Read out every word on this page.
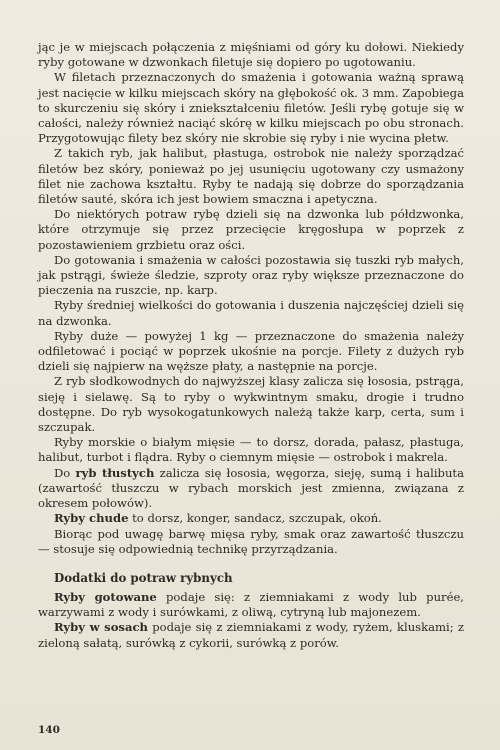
jąc je w miejscach połączenia z mięśniami od góry ku dołowi. Niekiedy ryby gotowane w dzwonkach filetuje się dopiero po ugotowaniu.

W filetach przeznaczonych do smażenia i gotowania ważną sprawą jest nacięcie w kilku miejscach skóry na głębokość ok. 3 mm. Zapobiega to skurczeniu się skóry i zniekształceniu filetów. Jeśli rybę gotuje się w całości, należy również naciąć skórę w kilku miejscach po obu stronach. Przygotowując filety bez skóry nie skrobie się ryby i nie wycina płetw.

Z takich ryb, jak halibut, płastuga, ostrobok nie należy sporządzać filetów bez skóry, ponieważ po jej usunięciu ugotowany czy usmażony filet nie zachowa kształtu. Ryby te nadają się dobrze do sporządzania filetów sauté, skóra ich jest bowiem smaczna i apetyczna.

Do niektórych potraw rybę dzieli się na dzwonka lub półdzwonka, które otrzymuje się przez przecięcie kręgosłupa w poprzek z pozostawieniem grzbietu oraz ości.

Do gotowania i smażenia w całości pozostawia się tuszki ryb małych, jak pstrągi, świeże śledzie, szproty oraz ryby większe przeznaczone do pieczenia na ruszcie, np. karp.

Ryby średniej wielkości do gotowania i duszenia najczęściej dzieli się na dzwonka.

Ryby duże — powyżej 1 kg — przeznaczone do smażenia należy odfiletować i pociąć w poprzek ukośnie na porcje. Filety z dużych ryb dzieli się najpierw na węższe płaty, a następnie na porcje.

Z ryb słodkowodnych do najwyższej klasy zalicza się łososia, pstrąga, sieję i sielawę. Są to ryby o wykwintnym smaku, drogie i trudno dostępne. Do ryb wysokogatunkowych należą także karp, certa, sum i szczupak.

Ryby morskie o białym mięsie — to dorsz, dorada, pałasz, płastuga, halibut, turbot i flądra. Ryby o ciemnym mięsie — ostrobok i makrela.

Do ryb tłustych zalicza się łososia, węgorza, sieję, sumą i halibuta (zawartość tłuszczu w rybach morskich jest zmienna, związana z okresem połowów).

Ryby chude to dorsz, konger, sandacz, szczupak, okoń.

Biorąc pod uwagę barwę mięsa ryby, smak oraz zawartość tłuszczu — stosuje się odpowiednią technikę przyrządzania.

Dodatki do potraw rybnych

Ryby gotowane podaje się: z ziemniakami z wody lub purée, warzywami z wody i surówkami, z oliwą, cytryną lub majonezem.

Ryby w sosach podaje się z ziemniakami z wody, ryżem, kluskami; z zieloną sałatą, surówką z cykorii, surówką z porów.

140
